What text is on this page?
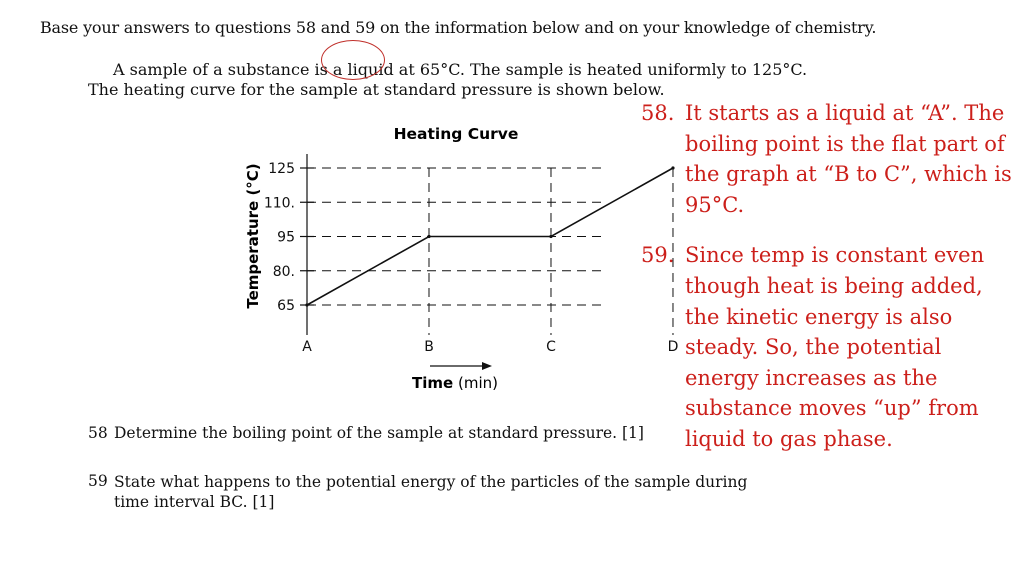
Base your answers to questions 58 and 59 on the information below and on your knowledge of chemistry.
A sample of a substance is a liquid at 65°C. The sample is heated uniformly to 125°C.
The heating curve for the sample at standard pressure is shown below.
Heating Curve
Temperature (°C)
Time (min)
65
80.
95
110.
125
A	B	C	D
58 Determine the boiling point of the sample at standard pressure. [1]
59 State what happens to the potential energy of the particles of the sample during time interval BC. [1]
58. It starts as a liquid at “A”. The boiling point is the flat part of the graph at “B to C”, which is 95°C.
59. Since temp is constant even though heat is being added, the kinetic energy is also steady. So, the potential energy increases as the substance moves “up” from liquid to gas phase.
